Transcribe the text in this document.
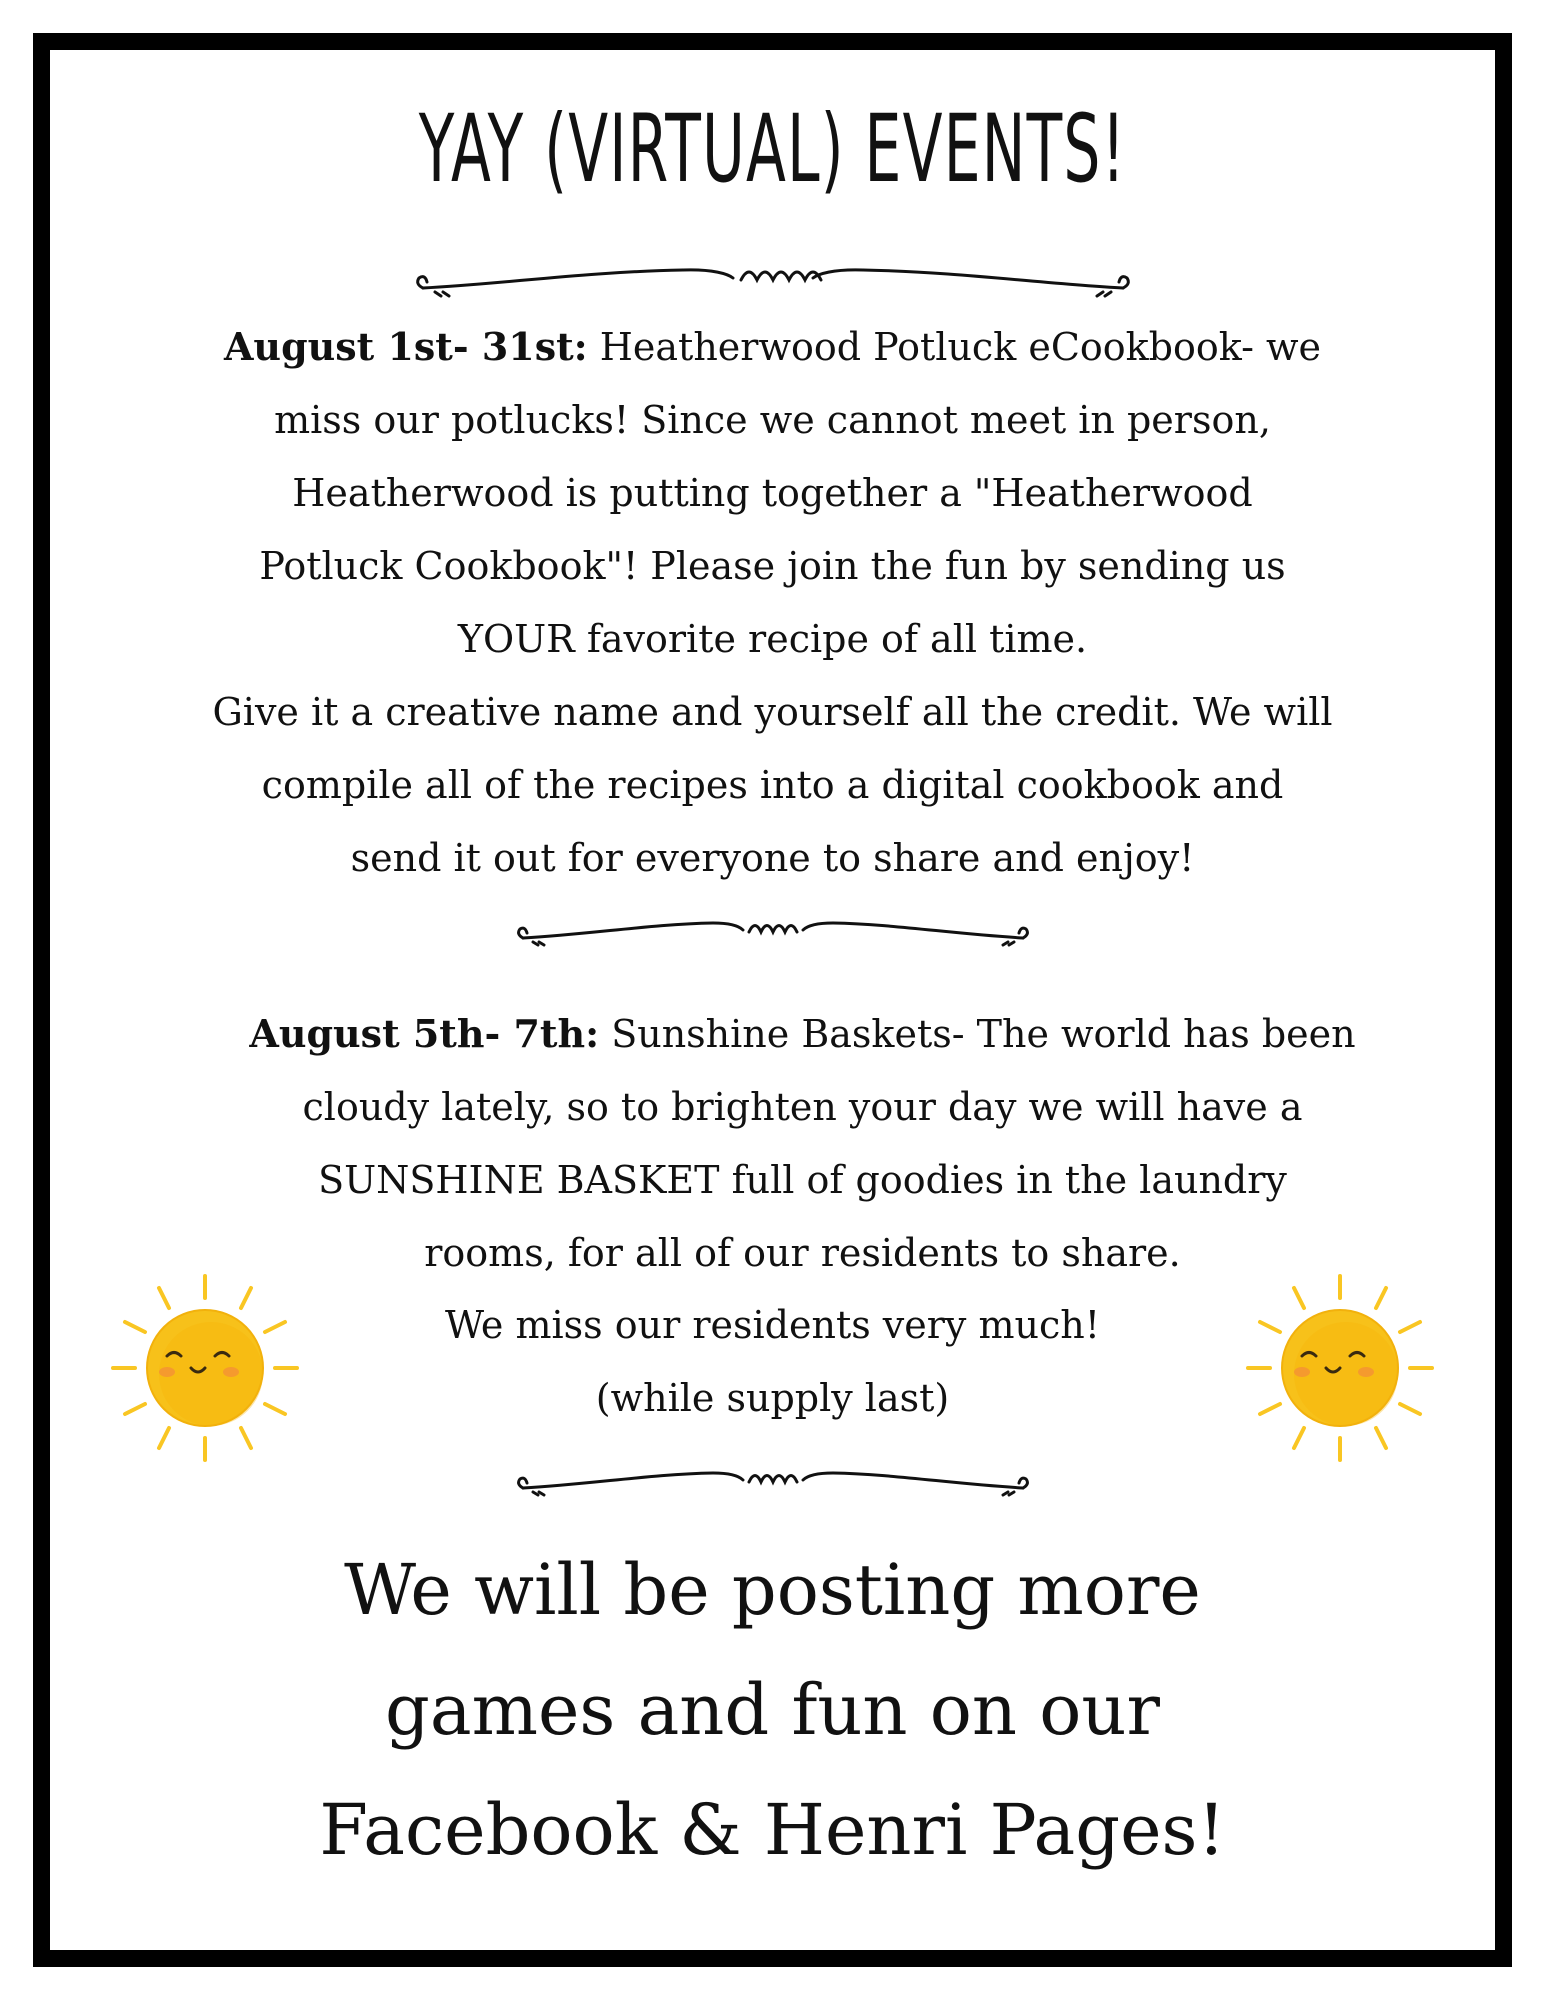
YAY (VIRTUAL) EVENTS!
August 1st- 31st: Heatherwood Potluck eCookbook- we
miss our potlucks! Since we cannot meet in person,
Heatherwood is putting together a "Heatherwood
Potluck Cookbook"! Please join the fun by sending us
YOUR favorite recipe of all time.
Give it a creative name and yourself all the credit. We will
compile all of the recipes into a digital cookbook and
send it out for everyone to share and enjoy!
August 5th- 7th: Sunshine Baskets- The world has been
cloudy lately, so to brighten your day we will have a
SUNSHINE BASKET full of goodies in the laundry
rooms, for all of our residents to share.
We miss our residents very much!
(while supply last)
We will be posting more
games and fun on our
Facebook & Henri Pages!
